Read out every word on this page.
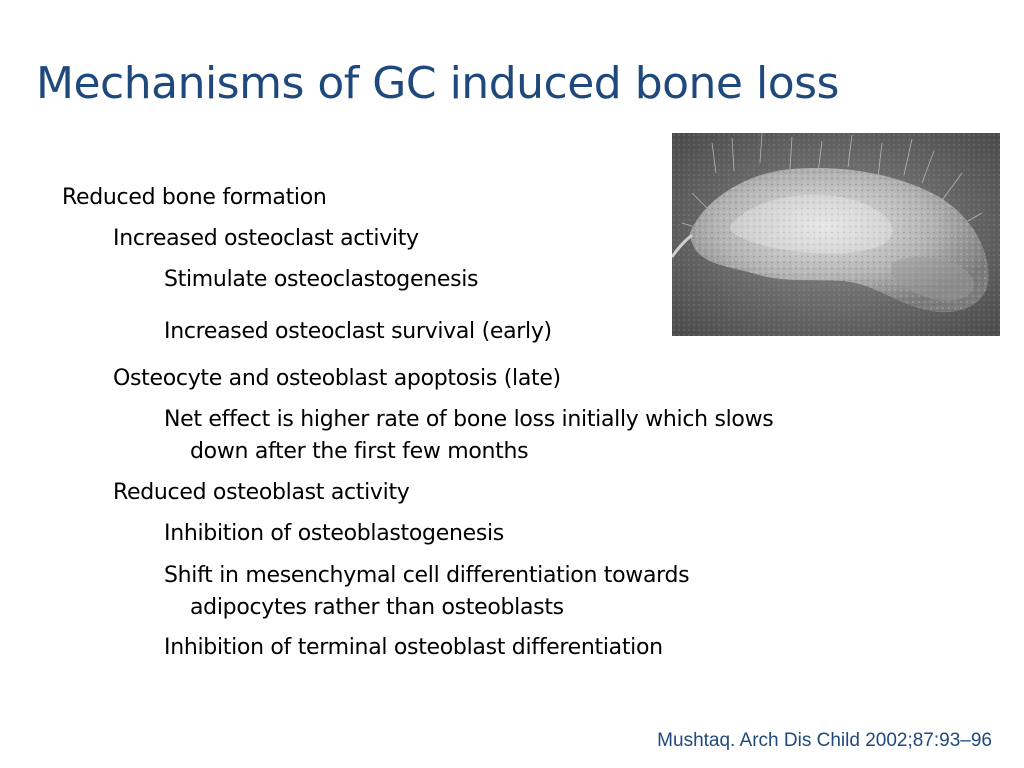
Mechanisms of GC induced bone loss
Reduced bone formation
Increased osteoclast activity
Stimulate osteoclastogenesis
Increased osteoclast survival (early)
Osteocyte and osteoblast apoptosis (late)
Net effect is higher rate of bone loss initially which slows
down after the first few months
Reduced osteoblast activity
Inhibition of osteoblastogenesis
Shift in mesenchymal cell differentiation towards
adipocytes rather than osteoblasts
Inhibition of terminal osteoblast differentiation
Mushtaq. Arch Dis Child 2002;87:93–96
